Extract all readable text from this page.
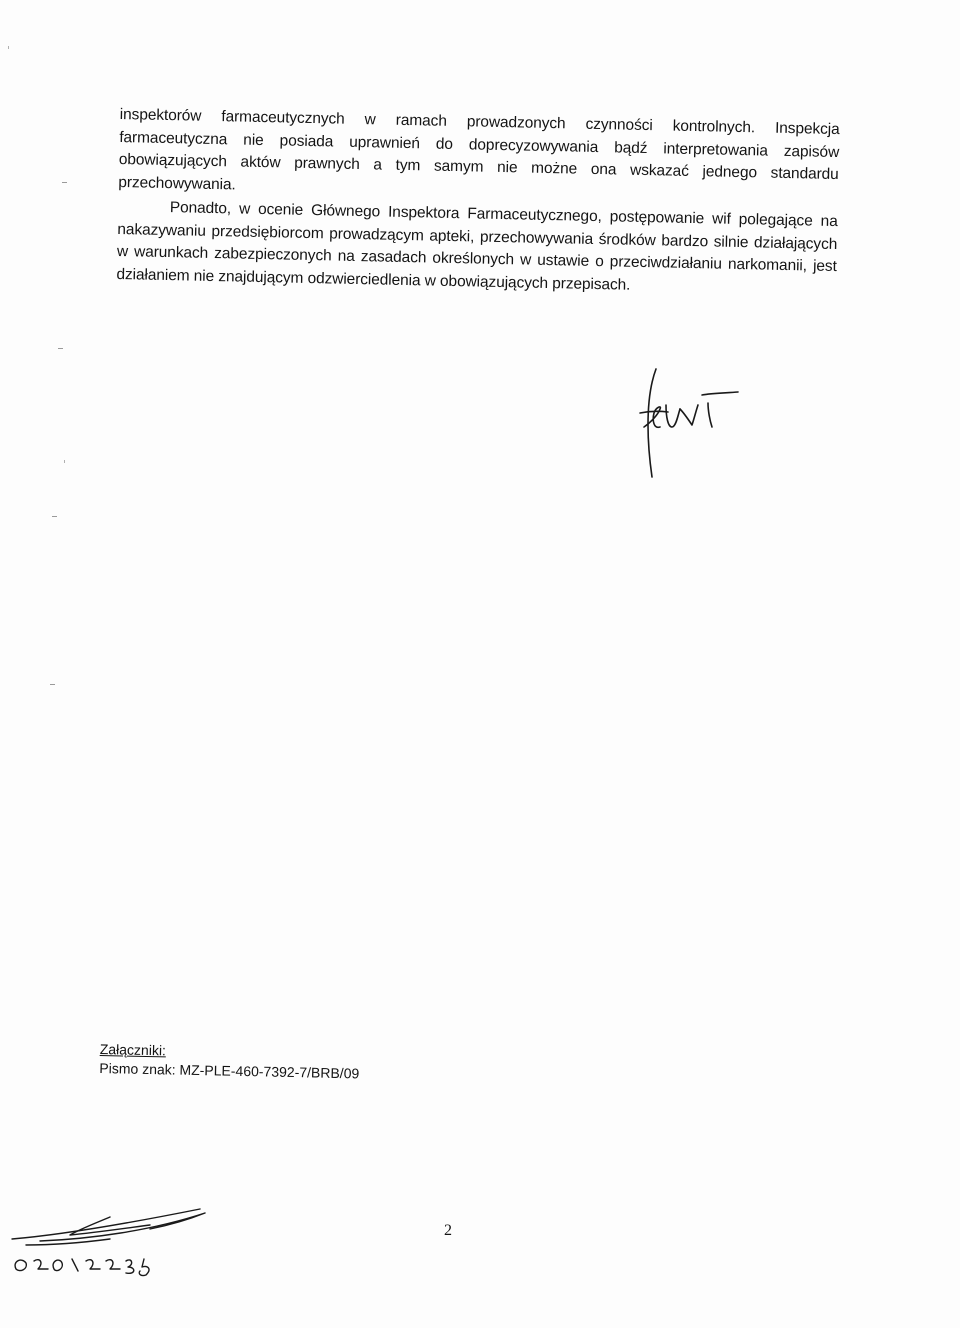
inspektorów farmaceutycznych w ramach prowadzonych czynności kontrolnych. Inspekcja farmaceutyczna nie posiada uprawnień do doprecyzowywania bądź interpretowania zapisów obowiązujących aktów prawnych a tym samym nie możne ona wskazać jednego standardu przechowywania.

Ponadto, w ocenie Głównego Inspektora Farmaceutycznego, postępowanie wif polegające na nakazywaniu przedsiębiorcom prowadzącym apteki, przechowywania środków bardzo silnie działających w warunkach zabezpieczonych na zasadach określonych w ustawie o przeciwdziałaniu narkomanii, jest działaniem nie znajdującym odzwierciedlenia w obowiązujących przepisach.

Załączniki:
Pismo znak: MZ-PLE-460-7392-7/BRB/09
2
